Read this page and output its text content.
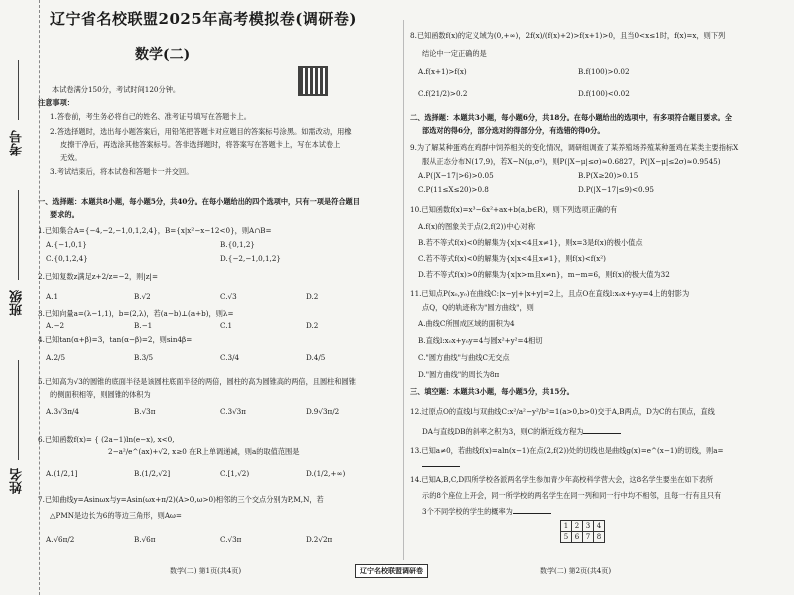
考号
班级
姓名
辽宁省名校联盟2025年高考模拟卷(调研卷)
数学(二)
本试卷满分150分，考试时间120分钟。
注意事项：
1.答卷前，考生务必将自己的姓名、准考证号填写在答题卡上。
2.答选择题时，选出每小题答案后，用铅笔把答题卡对应题目的答案标号涂黑。如需改动，用橡
皮擦干净后，再选涂其他答案标号。答非选择题时，将答案写在答题卡上，写在本试卷上
无效。
3.考试结束后，将本试卷和答题卡一并交回。
一、选择题：本题共8小题，每小题5分，共40分。在每小题给出的四个选项中，只有一项是符合题目
要求的。
1.已知集合A={−4,−2,−1,0,1,2,4}，B={x|x²−x−12<0}，则A∩B=
A.{−1,0,1}	B.{0,1,2}
C.{0,1,2,4}	D.{−2,−1,0,1,2}
2.已知复数z满足z+2/z=−2，则|z|=
A.1	B.√2	C.√3	D.2
3.已知向量a=(λ−1,1)，b=(2,λ)，若(a−b)⊥(a+b)，则λ=
A.−2	B.−1	C.1	D.2
4.已知tan(α+β)=3，tan(α−β)=2，则sin4β=
A.2/5	B.3/5	C.3/4	D.4/5
5.已知高为√3的圆锥的底面半径是该圆柱底面半径的两倍，圆柱的高为圆锥高的两倍，且圆柱和圆锥
的侧面积相等，则圆锥的体积为
A.3√3π/4	B.√3π	C.3√3π	D.9√3π/2
6.已知函数f(x)= { (2a−1)ln(e−x), x<0,
2−a²/e^(ax)+√2, x≥0 在R上单调递减，则a的取值范围是
A.(1/2,1]	B.(1/2,√2]	C.[1,√2)	D.(1/2,+∞)
7.已知曲线y=Asinωx与y=Asin(ωx+π/2)(A>0,ω>0)相邻的三个交点分别为P,M,N，若
△PMN是边长为6的等边三角形，则Aω=
A.√6π/2	B.√6π	C.√3π	D.2√2π
数学(二) 第1页(共4页)	辽宁名校联盟调研卷	数学(二) 第2页(共4页)
8.已知函数f(x)的定义域为(0,+∞)，2f(x)/(f(x)+2)>f(x+1)>0，且当0<x≤1时，f(x)=x，则下列
结论中一定正确的是
A.f(x+1)>f(x)	B.f(100)>0.02
C.f(21/2)>0.2	D.f(100)<0.02
二、选择题：本题共3小题，每小题6分，共18分。在每小题给出的选项中，有多项符合题目要求。全
部选对的得6分，部分选对的得部分分，有选错的得0分。
9.为了解某种蛋鸡在鸡群中饲养相关的变化情况，调研组调查了某养殖场养殖某种蛋鸡在某类主要指标X
服从正态分布N(17,9)，若X~N(μ,σ²)，则P(|X−μ|≤σ)≈0.6827，P(|X−μ|≤2σ)≈0.9545)
A.P(|X−17|>6)>0.05	B.P(X≥20)>0.15
C.P(11≤X≤20)>0.8	D.P(|X−17|≤9)<0.95
10.已知函数f(x)=x³−6x²+ax+b(a,b∈R)，则下列选项正确的有
A.f(x)的图象关于点(2,f(2))中心对称
B.若不等式f(x)<0的解集为{x|x<4且x≠1}，则x=3是f(x)的极小值点
C.若不等式f(x)<0的解集为{x|x<4且x≠1}，则f(x)<f(x²)
D.若不等式f(x)>0的解集为{x|x>m且x≠n}，m−m=6，则f(x)的极大值为32
11.已知点P(x₀,y₀)在曲线C:|x−y|+|x+y|=2上，且点O在直线l:x₀x+y₀y=4上的射影为
点Q，Q的轨迹称为"圆方曲线"，则
A.曲线C所围成区域的面积为4
B.直线l:x₀x+y₀y=4与圆x²+y²=4相切
C."圆方曲线"与曲线C无交点
D."圆方曲线"的周长为8π
三、填空题：本题共3小题，每小题5分，共15分。
12.过原点O的直线l与双曲线C:x²/a²−y²/b²=1(a>0,b>0)交于A,B两点，D为C的右顶点，直线
DA与直线DB的斜率之积为3，则C的渐近线方程为
13.已知a≠0，若曲线f(x)=aln(x−1)在点(2,f(2))处的切线也是曲线g(x)=e^(x−1)的切线，则a=
14.已知A,B,C,D四所学校各派两名学生参加青少年高校科学营大会，这8名学生要坐在如下表所
示的8个座位上开会，同一所学校的两名学生在同一列和同一行中均不相邻，且每一行有且只有
3个不同学校的学生的概率为
1	2	3	4
5	6	7	8
